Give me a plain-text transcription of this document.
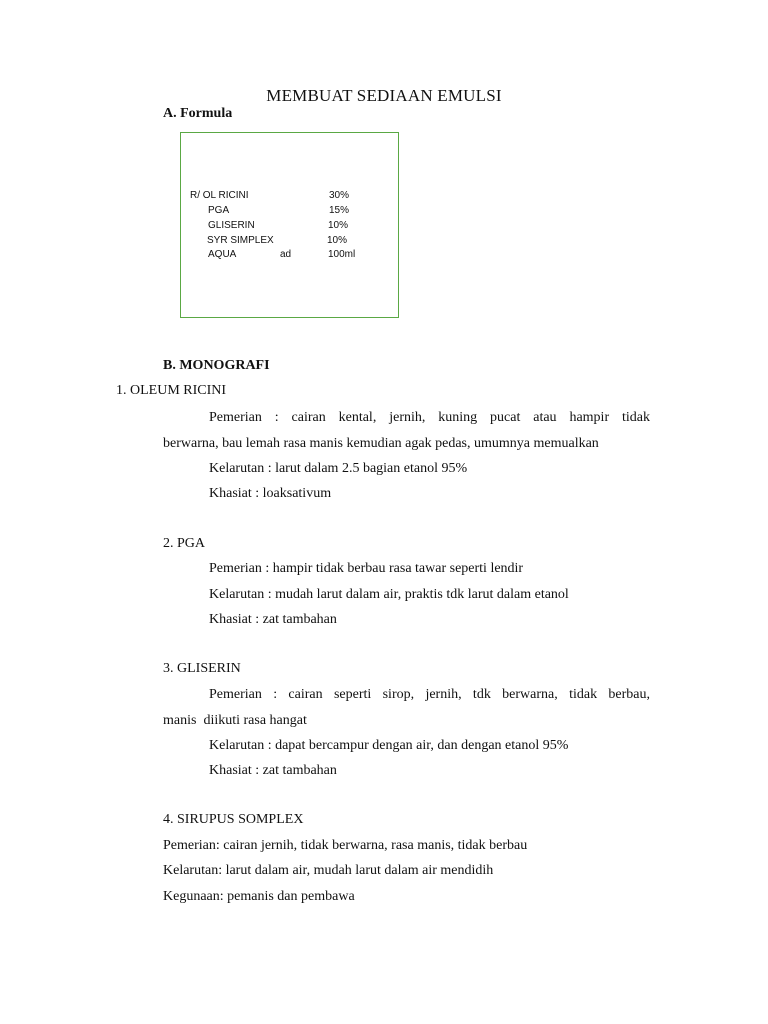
MEMBUAT SEDIAAN EMULSI
A. Formula
R/ OL RICINI	30%
PGA	15%
GLISERIN	10%
SYR SIMPLEX	10%
AQUA	ad	100ml
B. MONOGRAFI
1. OLEUM RICINI
Pemerian : cairan kental, jernih, kuning pucat atau hampir tidak
berwarna, bau lemah rasa manis kemudian agak pedas, umumnya memualkan
Kelarutan : larut dalam 2.5 bagian etanol 95%
Khasiat : loaksativum
2. PGA
Pemerian : hampir tidak berbau rasa tawar seperti lendir
Kelarutan : mudah larut dalam air, praktis tdk larut dalam etanol
Khasiat : zat tambahan
3. GLISERIN
Pemerian : cairan seperti sirop, jernih, tdk berwarna, tidak berbau,
manis  diikuti rasa hangat
Kelarutan : dapat bercampur dengan air, dan dengan etanol 95%
Khasiat : zat tambahan
4. SIRUPUS SOMPLEX
Pemerian: cairan jernih, tidak berwarna, rasa manis, tidak berbau
Kelarutan: larut dalam air, mudah larut dalam air mendidih
Kegunaan: pemanis dan pembawa
